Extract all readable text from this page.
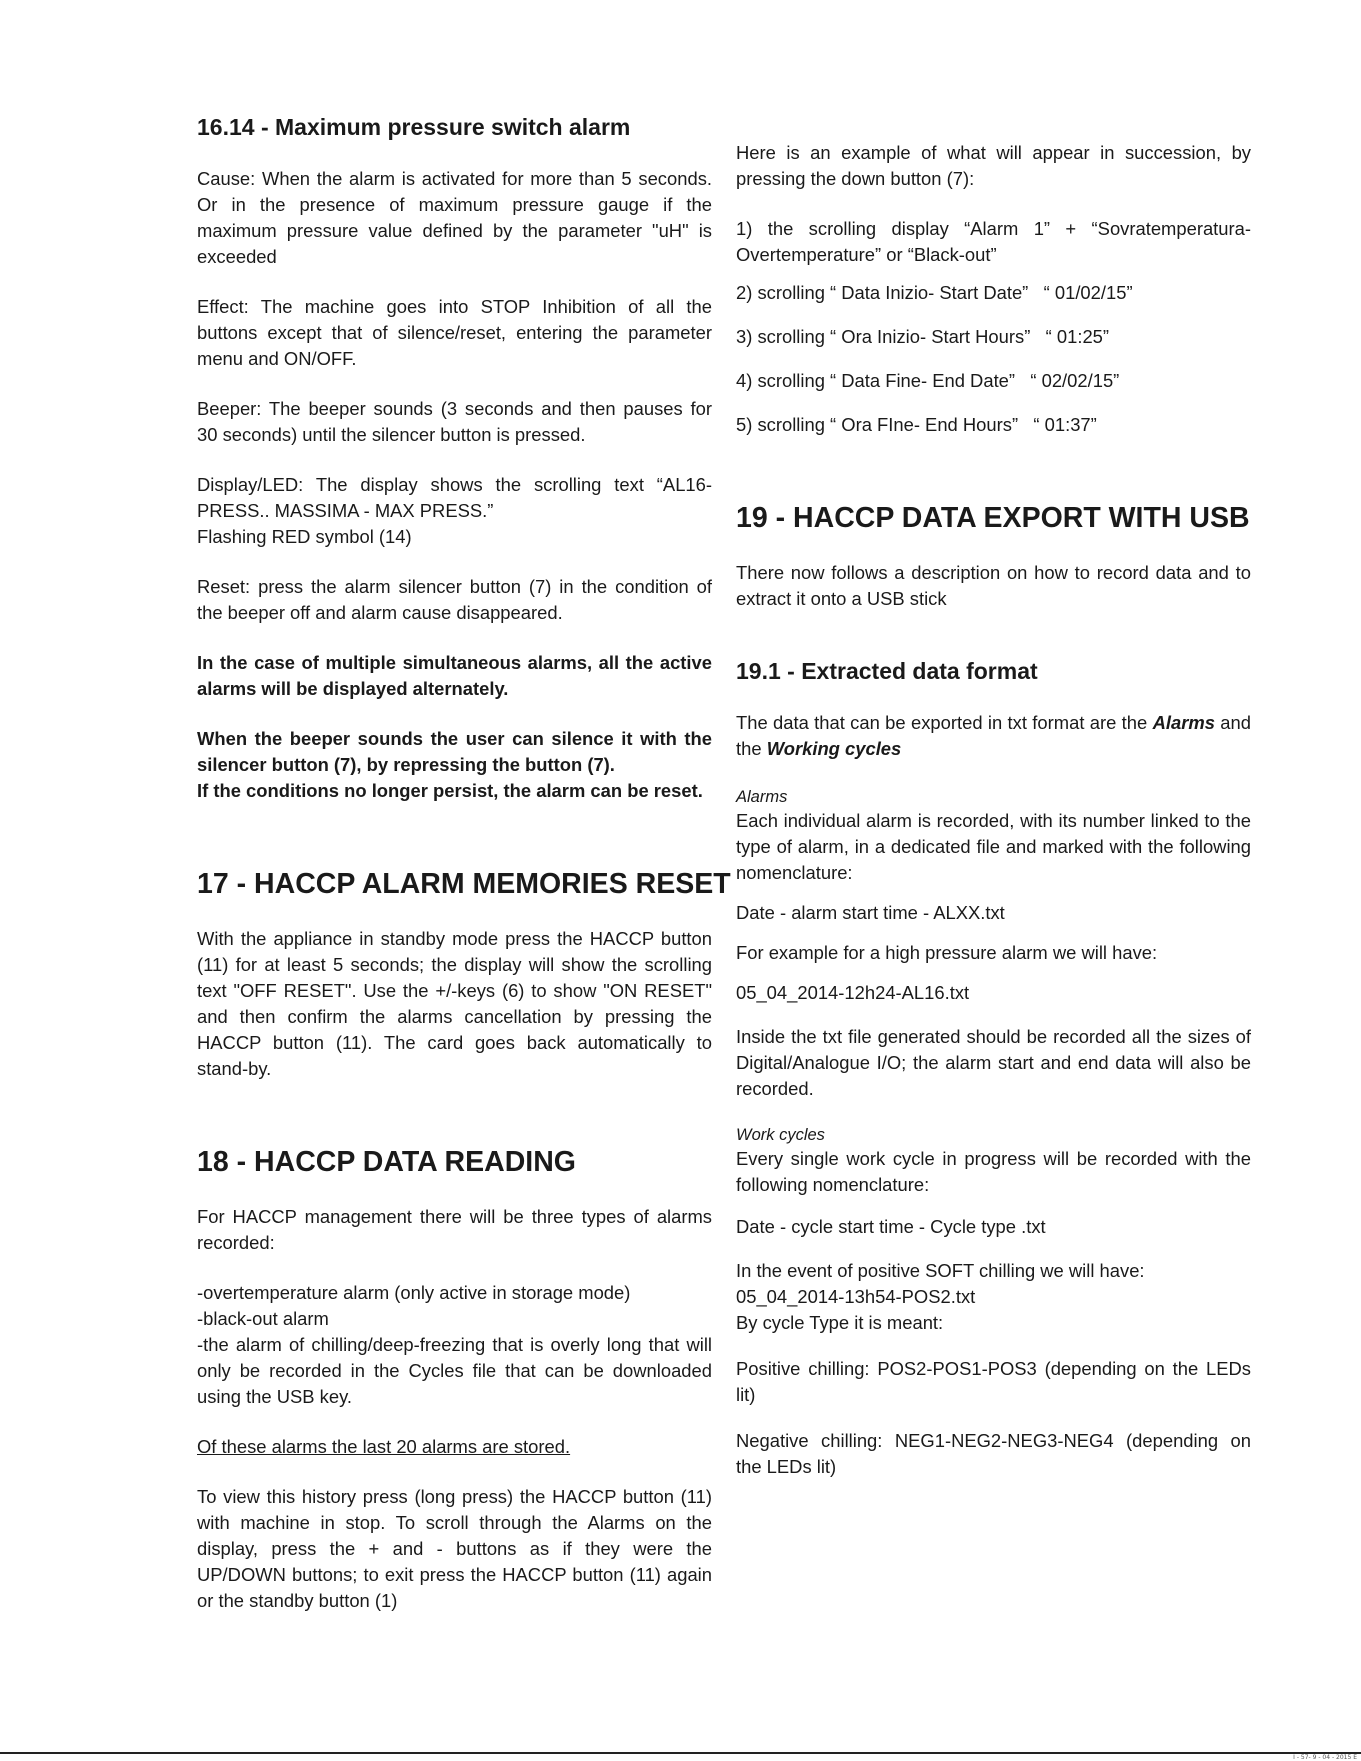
16.14 - Maximum pressure switch alarm

Cause: When the alarm is activated for more than 5 seconds. Or in the presence of maximum pressure gauge if the maximum pressure value defined by the parameter "uH" is exceeded

Effect: The machine goes into STOP Inhibition of all the buttons except that of silence/reset, entering the parameter menu and ON/OFF.

Beeper: The beeper sounds (3 seconds and then pauses for 30 seconds) until the silencer button is pressed.

Display/LED: The display shows the scrolling text “AL16-PRESS.. MASSIMA - MAX PRESS.”

Flashing RED symbol (14)

Reset: press the alarm silencer button (7) in the condition of the beeper off and alarm cause disappeared.

In the case of multiple simultaneous alarms, all the active alarms will be displayed alternately.

When the beeper sounds the user can silence it with the silencer button (7), by repressing the button (7).

If the conditions no longer persist, the alarm can be reset.

17 - HACCP ALARM MEMORIES RESET

With the appliance in standby mode press the HACCP button (11) for at least 5 seconds; the display will show the scrolling text "OFF RESET". Use the +/-keys (6) to show "ON RESET" and then confirm the alarms cancellation by pressing the HACCP button (11). The card goes back automatically to stand-by.

18 - HACCP DATA READING

For HACCP management there will be three types of alarms recorded:

-overtemperature alarm (only active in storage mode)

-black-out alarm

-the alarm of chilling/deep-freezing that is overly long that will only be recorded in the Cycles file that can be downloaded using the USB key.

Of these alarms the last 20 alarms are stored.

To view this history press (long press) the HACCP button (11) with machine in stop. To scroll through the Alarms on the display, press the + and - buttons as if they were the UP/DOWN buttons; to exit press the HACCP button (11) again or the standby button (1)

Here is an example of what will appear in succession, by pressing the down button (7):

1) the scrolling display “Alarm 1” + “Sovratemperatura-Overtemperature” or “Black-out”

2) scrolling “ Data Inizio- Start Date”   “ 01/02/15”

3) scrolling “ Ora Inizio- Start Hours”   “ 01:25”

4) scrolling “ Data Fine- End Date”   “ 02/02/15”

5) scrolling “ Ora FIne- End Hours”   “ 01:37”

19 - HACCP DATA EXPORT WITH USB

There now follows a description on how to record data and to extract it onto a USB stick

19.1 - Extracted data format

The data that can be exported in txt format are the Alarms and the Working cycles

Alarms

Each individual alarm is recorded, with its number linked to the type of alarm, in a dedicated file and marked with the following nomenclature:

Date - alarm start time - ALXX.txt

For example for a high pressure alarm we will have:

05_04_2014-12h24-AL16.txt

Inside the txt file generated should be recorded all the sizes of Digital/Analogue I/O; the alarm start and end data will also be recorded.

Work cycles

Every single work cycle in progress will be recorded with the following nomenclature:

Date - cycle start time - Cycle type .txt

In the event of positive SOFT chilling we will have:

05_04_2014-13h54-POS2.txt

By cycle Type it is meant:

Positive chilling: POS2-POS1-POS3 (depending on the LEDs lit)

Negative chilling: NEG1-NEG2-NEG3-NEG4 (depending on the LEDs lit)

I - 57- 9 - 04 - 2015 E
